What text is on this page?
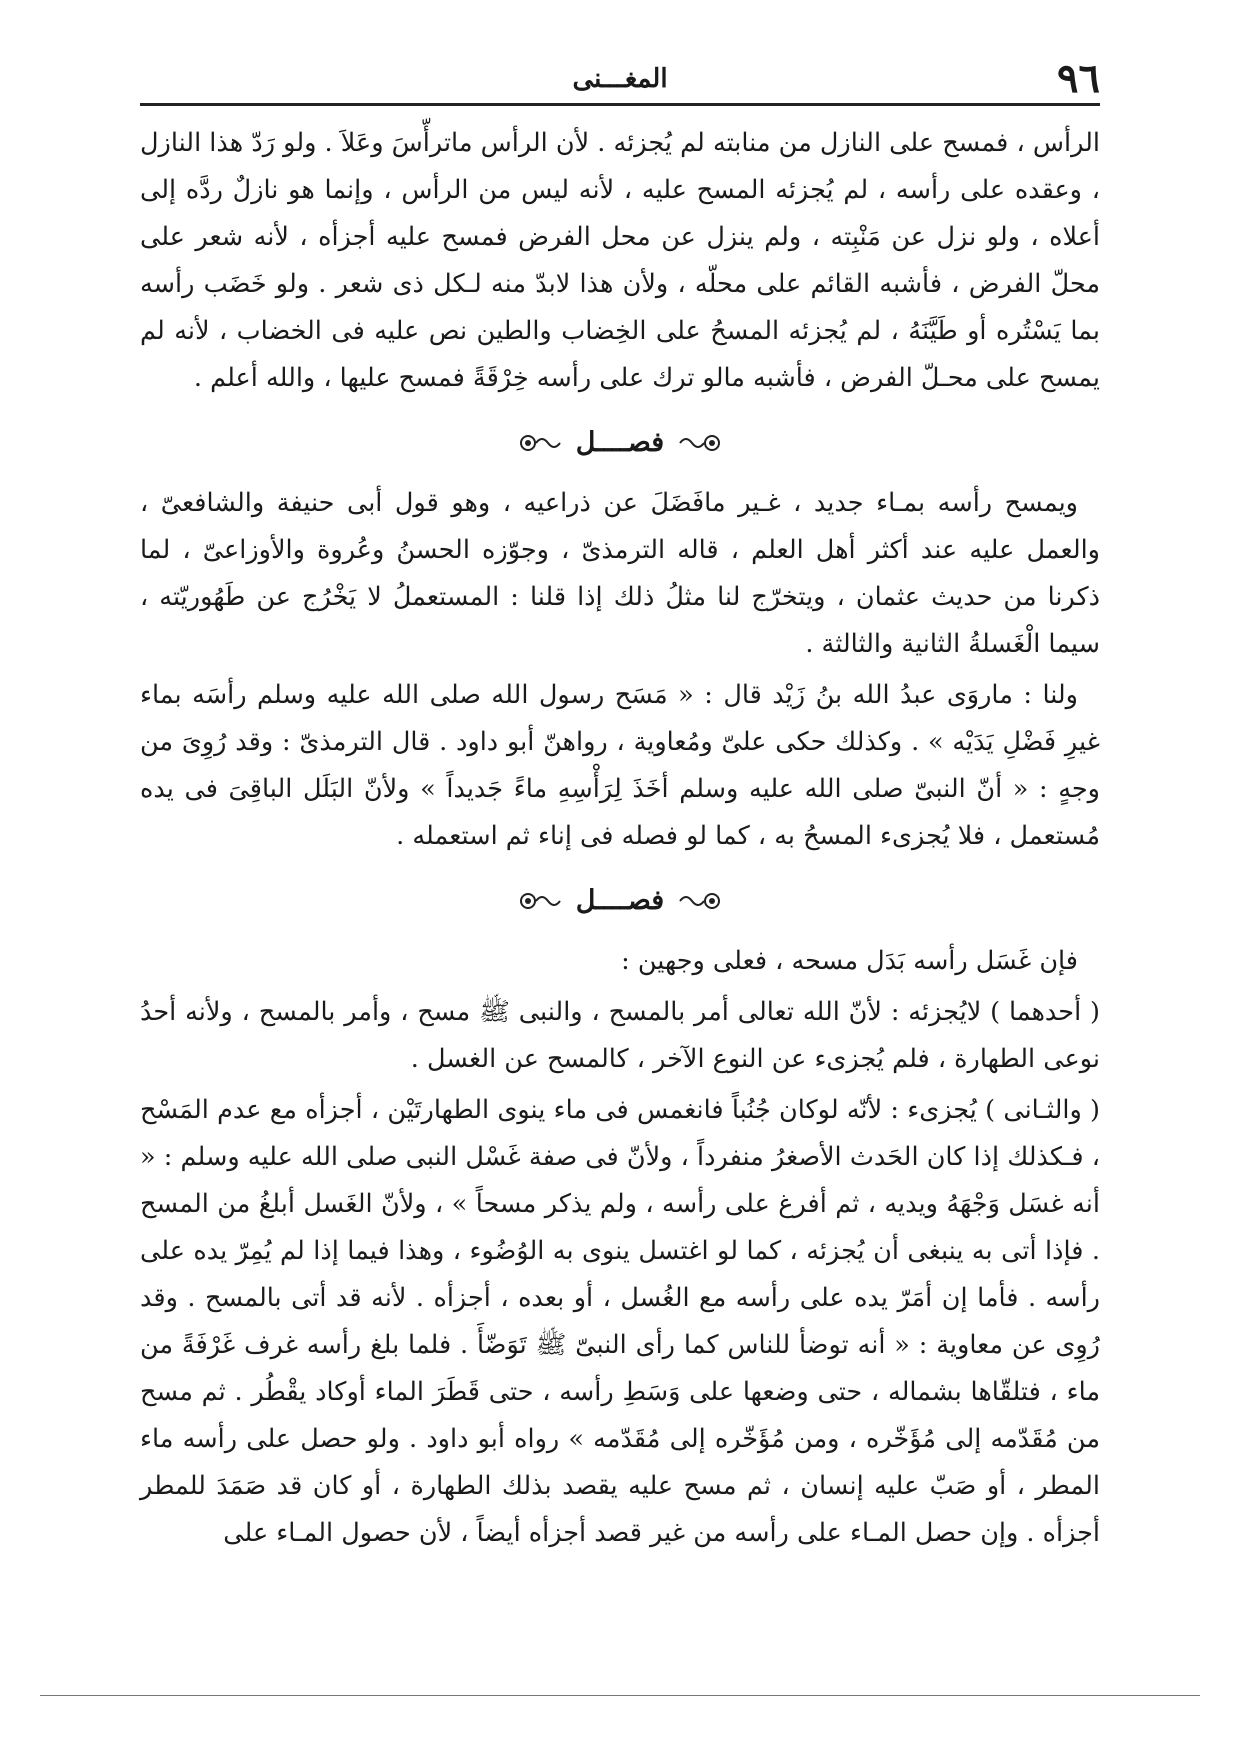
٩٦
المغـــنى

الرأس ، فمسح على النازل من منابته لم يُجزئه . لأن الرأس ماترأّسَ وعَلاَ . ولو رَدّ هذا النازل ، وعقده على رأسه ، لم يُجزئه المسح عليه ، لأنه ليس من الرأس ، وإنما هو نازلٌ ردَّه إلى أعلاه ، ولو نزل عن مَنْبِته ، ولم ينزل عن محل الفرض فمسح عليه أجزأه ، لأنه شعر على محلّ الفرض ، فأشبه القائم على محلّه ، ولأن هذا لابدّ منه لـكل ذى شعر . ولو خَضَب رأسه بما يَسْتُره أو طَيَّنَهُ ، لم يُجزئه المسحُ على الخِضاب والطين نص عليه فى الخضاب ، لأنه لم يمسح على محـلّ الفرض ، فأشبه مالو ترك على رأسه خِرْقَةً فمسح عليها ، والله أعلم .

فصــــل

ويمسح رأسه بمـاء جديد ، غـير مافَضَلَ عن ذراعيه ، وهو قول أبى حنيفة والشافعىّ ، والعمل عليه عند أكثر أهل العلم ، قاله الترمذىّ ، وجوّزه الحسنُ وعُروة والأوزاعىّ ، لما ذكرنا من حديث عثمان ، ويتخرّج لنا مثلُ ذلك إذا قلنا : المستعملُ لا يَخْرُج عن طَهُوريّته ، سيما الْغَسلةُ الثانية والثالثة .

ولنا : ماروَى عبدُ الله بنُ زَيْد قال : « مَسَح رسول الله صلى الله عليه وسلم رأسَه بماء غيرِ فَضْلِ يَدَيْه » . وكذلك حكى علىّ ومُعاوية ، رواهنّ أبو داود . قال الترمذىّ : وقد رُوِىَ من وجهٍ : « أنّ النبىّ صلى الله عليه وسلم أخَذَ لِرَأْسِهِ ماءً جَديداً » ولأنّ البَلَل الباقِىَ فى يده مُستعمل ، فلا يُجزىء المسحُ به ، كما لو فصله فى إناء ثم استعمله .

فصــــل

فإن غَسَل رأسه بَدَل مسحه ، فعلى وجهين :

( أحدهما ) لايُجزئه : لأنّ الله تعالى أمر بالمسح ، والنبى ﷺ مسح ، وأمر بالمسح ، ولأنه أحدُ نوعى الطهارة ، فلم يُجزىء عن النوع الآخر ، كالمسح عن الغسل .

( والثـانى ) يُجزىء : لأنّه لوكان جُنُباً فانغمس فى ماء ينوى الطهارتَيْن ، أجزأه مع عدم المَسْح ، فـكذلك إذا كان الحَدث الأصغرُ منفرداً ، ولأنّ فى صفة غَسْل النبى صلى الله عليه وسلم : « أنه غسَل وَجْهَهُ ويديه ، ثم أفرغ على رأسه ، ولم يذكر مسحاً » ، ولأنّ الغَسل أبلغُ من المسح . فإذا أتى به ينبغى أن يُجزئه ، كما لو اغتسل ينوى به الوُضُوء ، وهذا فيما إذا لم يُمِرّ يده على رأسه . فأما إن أمَرّ يده على رأسه مع الغُسل ، أو بعده ، أجزأه . لأنه قد أتى بالمسح . وقد رُوِى عن معاوية : « أنه توضأ للناس كما رأى النبىّ ﷺ تَوَضّأَ . فلما بلغ رأسه غرف غَرْفَةً من ماء ، فتلقّاها بشماله ، حتى وضعها على وَسَطِ رأسه ، حتى قَطَرَ الماء أوكاد يقْطُر . ثم مسح من مُقَدّمه إلى مُؤَخّره ، ومن مُؤَخّره إلى مُقَدّمه » رواه أبو داود . ولو حصل على رأسه ماء المطر ، أو صَبّ عليه إنسان ، ثم مسح عليه يقصد بذلك الطهارة ، أو كان قد صَمَدَ للمطر أجزأه . وإن حصل المـاء على رأسه من غير قصد أجزأه أيضاً ، لأن حصول المـاء على
